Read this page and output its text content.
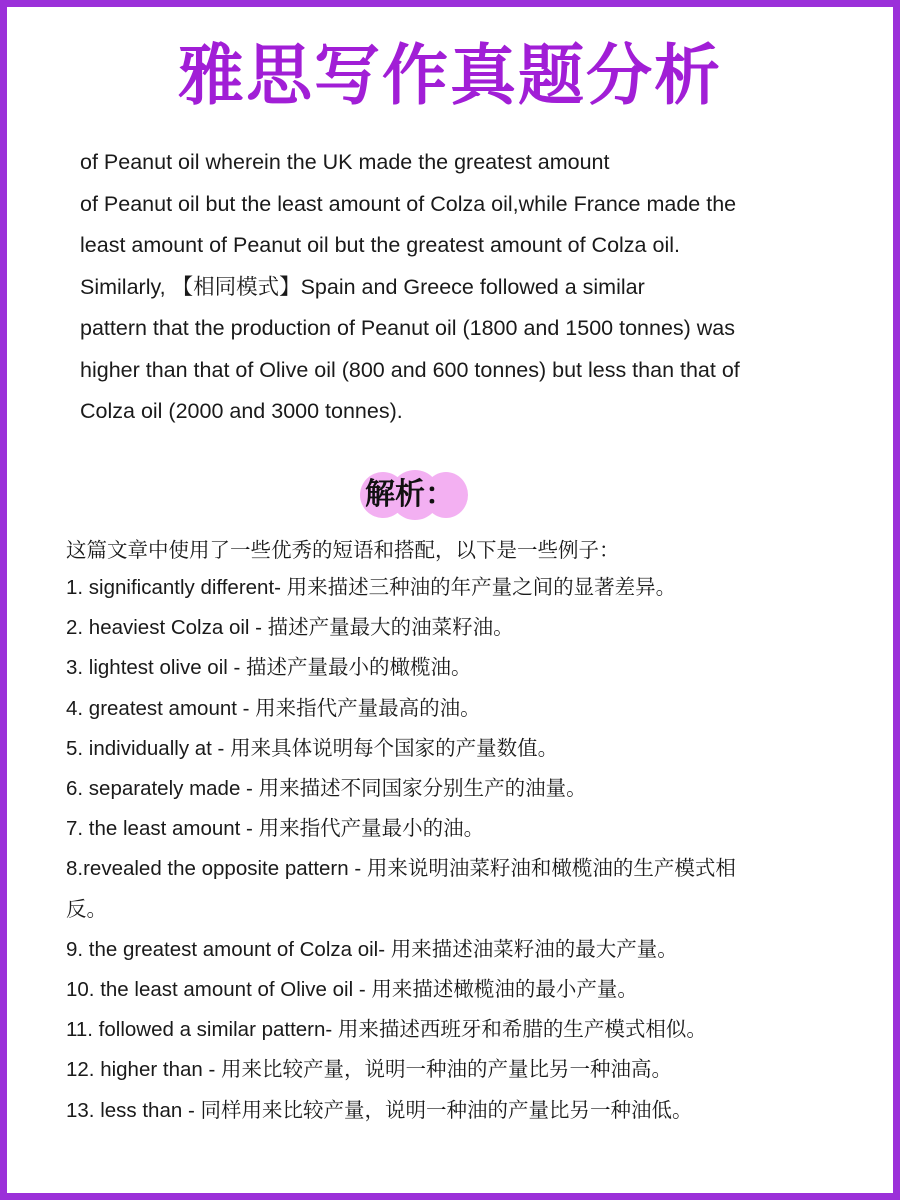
雅思写作真题分析
of Peanut oil wherein the UK made the greatest amount
of Peanut oil but the least amount of Colza oil,while France made the
least amount of Peanut oil but the greatest amount of Colza oil.
Similarly, 【相同模式】Spain and Greece followed a similar
pattern that the production of Peanut oil (1800 and 1500 tonnes) was
higher than that of Olive oil (800 and 600 tonnes) but less than that of
Colza oil (2000 and 3000 tonnes).
解析：
这篇文章中使用了一些优秀的短语和搭配，以下是一些例子：
1. significantly different- 用来描述三种油的年产量之间的显著差异。
2. heaviest Colza oil - 描述产量最大的油菜籽油。
3. lightest olive oil - 描述产量最小的橄榄油。
4. greatest amount - 用来指代产量最高的油。
5. individually at - 用来具体说明每个国家的产量数值。
6. separately made - 用来描述不同国家分别生产的油量。
7. the least amount - 用来指代产量最小的油。
8.revealed the opposite pattern - 用来说明油菜籽油和橄榄油的生产模式相
反。
9. the greatest amount of Colza oil- 用来描述油菜籽油的最大产量。
10. the least amount of Olive oil - 用来描述橄榄油的最小产量。
11. followed a similar pattern- 用来描述西班牙和希腊的生产模式相似。
12. higher than - 用来比较产量，说明一种油的产量比另一种油高。
13. less than - 同样用来比较产量，说明一种油的产量比另一种油低。
